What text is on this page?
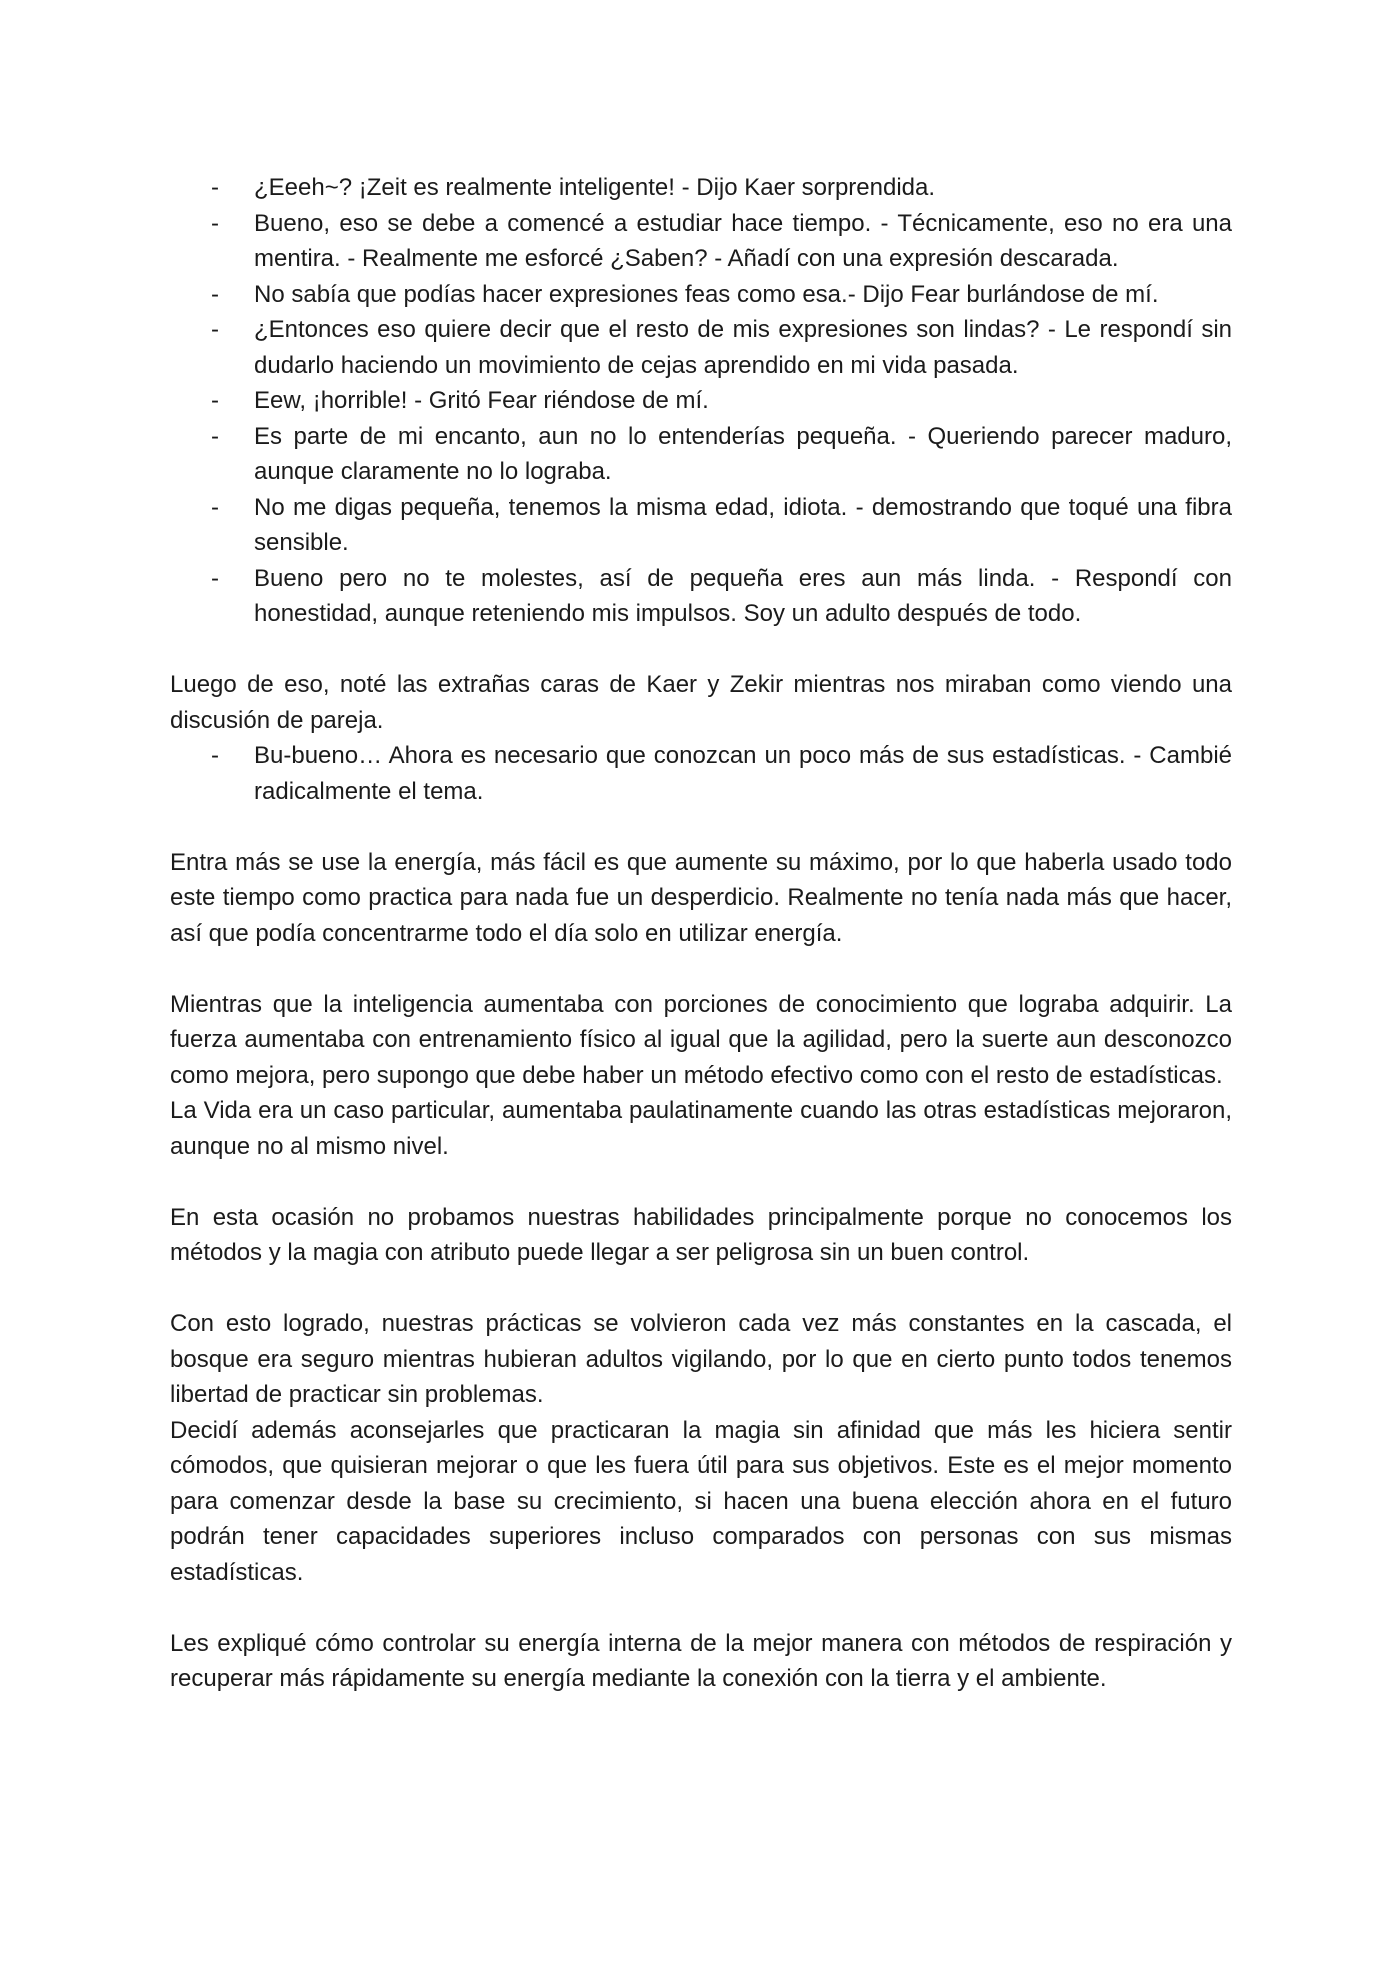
- ¿Eeeh~? ¡Zeit es realmente inteligente! - Dijo Kaer sorprendida.
- Bueno, eso se debe a comencé a estudiar hace tiempo. - Técnicamente, eso no era una mentira. - Realmente me esforcé ¿Saben? - Añadí con una expresión descarada.
- No sabía que podías hacer expresiones feas como esa.- Dijo Fear burlándose de mí.
- ¿Entonces eso quiere decir que el resto de mis expresiones son lindas? - Le respondí sin dudarlo haciendo un movimiento de cejas aprendido en mi vida pasada.
- Eew, ¡horrible! - Gritó Fear riéndose de mí.
- Es parte de mi encanto, aun no lo entenderías pequeña. - Queriendo parecer maduro, aunque claramente no lo lograba.
- No me digas pequeña, tenemos la misma edad, idiota. - demostrando que toqué una fibra sensible.
- Bueno pero no te molestes, así de pequeña eres aun más linda. - Respondí con honestidad, aunque reteniendo mis impulsos. Soy un adulto después de todo.

Luego de eso, noté las extrañas caras de Kaer y Zekir mientras nos miraban como viendo una discusión de pareja.

- Bu-bueno… Ahora es necesario que conozcan un poco más de sus estadísticas. - Cambié radicalmente el tema.

Entra más se use la energía, más fácil es que aumente su máximo, por lo que haberla usado todo este tiempo como practica para nada fue un desperdicio. Realmente no tenía nada más que hacer, así que podía concentrarme todo el día solo en utilizar energía.

Mientras que la inteligencia aumentaba con porciones de conocimiento que lograba adquirir. La fuerza aumentaba con entrenamiento físico al igual que la agilidad, pero la suerte aun desconozco como mejora, pero supongo que debe haber un método efectivo como con el resto de estadísticas.

La Vida era un caso particular, aumentaba paulatinamente cuando las otras estadísticas mejoraron, aunque no al mismo nivel.

En esta ocasión no probamos nuestras habilidades principalmente porque no conocemos los métodos y la magia con atributo puede llegar a ser peligrosa sin un buen control.

Con esto logrado, nuestras prácticas se volvieron cada vez más constantes en la cascada, el bosque era seguro mientras hubieran adultos vigilando, por lo que en cierto punto todos tenemos libertad de practicar sin problemas.

Decidí además aconsejarles que practicaran la magia sin afinidad que más les hiciera sentir cómodos, que quisieran mejorar o que les fuera útil para sus objetivos. Este es el mejor momento para comenzar desde la base su crecimiento, si hacen una buena elección ahora en el futuro podrán tener capacidades superiores incluso comparados con personas con sus mismas estadísticas.

Les expliqué cómo controlar su energía interna de la mejor manera con métodos de respiración y recuperar más rápidamente su energía mediante la conexión con la tierra y el ambiente.
